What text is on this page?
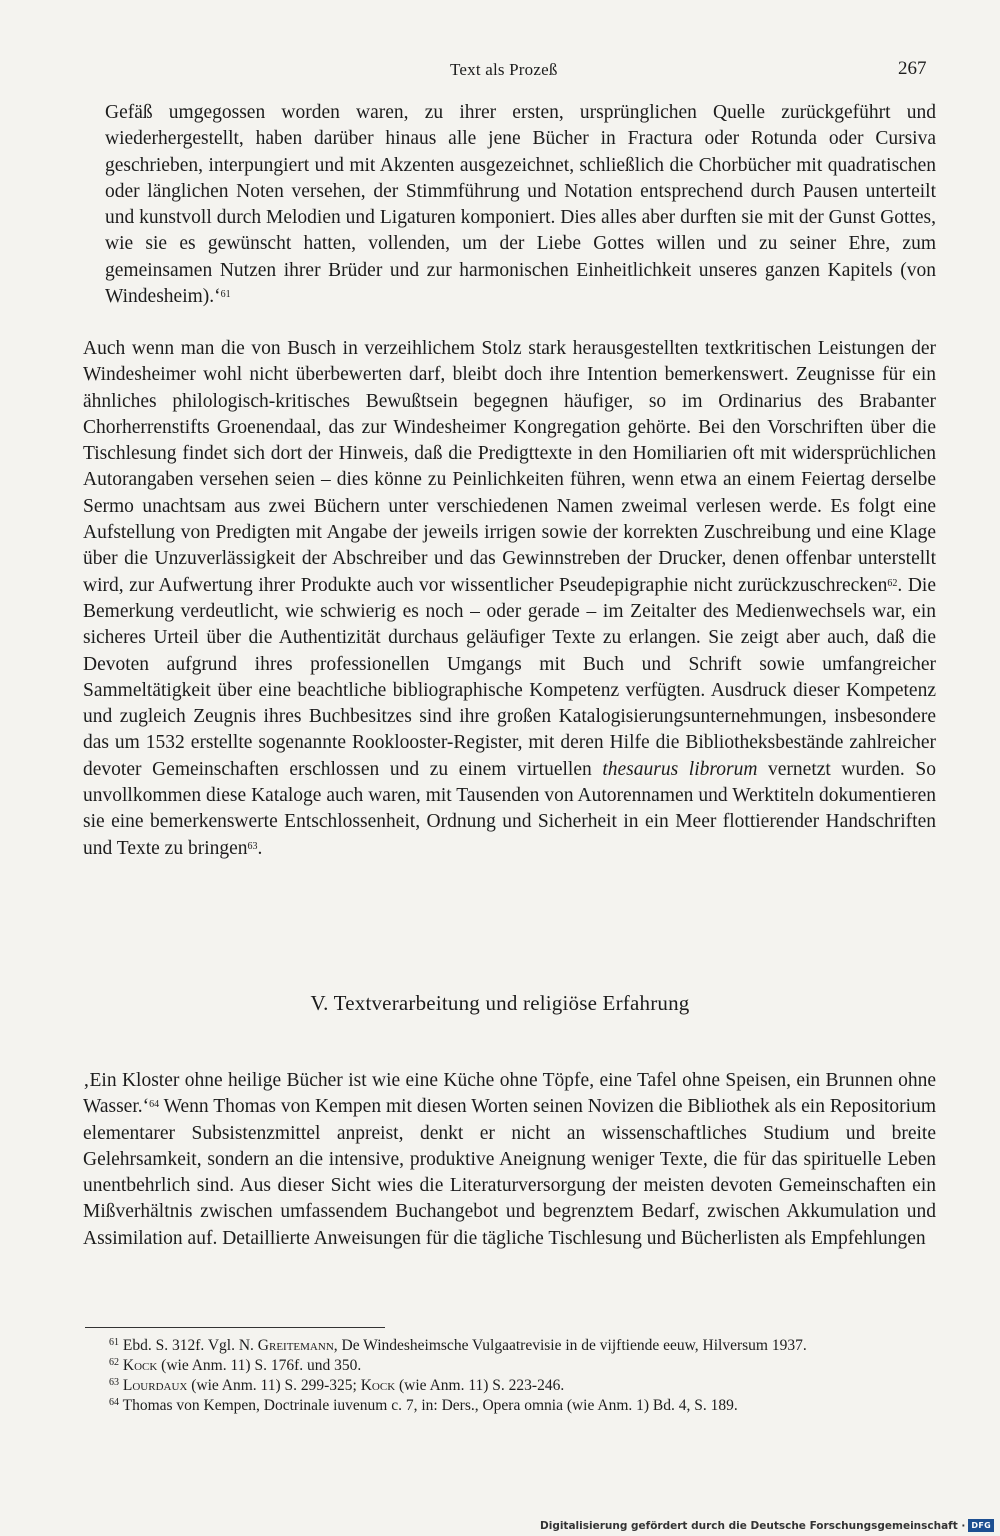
Text als Prozeß	267
Gefäß umgegossen worden waren, zu ihrer ersten, ursprünglichen Quelle zurückgeführt und wiederhergestellt, haben darüber hinaus alle jene Bücher in Fractura oder Rotunda oder Cursiva geschrieben, interpungiert und mit Akzenten ausgezeichnet, schließlich die Chorbücher mit quadratischen oder länglichen Noten versehen, der Stimmführung und Notation entsprechend durch Pausen unterteilt und kunstvoll durch Melodien und Ligaturen komponiert. Dies alles aber durften sie mit der Gunst Gottes, wie sie es gewünscht hatten, vollenden, um der Liebe Gottes willen und zu seiner Ehre, zum gemeinsamen Nutzen ihrer Brüder und zur harmonischen Einheitlichkeit unseres ganzen Kapitels (von Windesheim).‘$^{61}$
Auch wenn man die von Busch in verzeihlichem Stolz stark herausgestellten textkritischen Leistungen der Windesheimer wohl nicht überbewerten darf, bleibt doch ihre Intention bemerkenswert. Zeugnisse für ein ähnliches philologisch-kritisches Bewußtsein begegnen häufiger, so im Ordinarius des Brabanter Chorherrenstifts Groenendaal, das zur Windesheimer Kongregation gehörte. Bei den Vorschriften über die Tischlesung findet sich dort der Hinweis, daß die Predigttexte in den Homiliarien oft mit widersprüchlichen Autorangaben versehen seien – dies könne zu Peinlichkeiten führen, wenn etwa an einem Feiertag derselbe Sermo unachtsam aus zwei Büchern unter verschiedenen Namen zweimal verlesen werde. Es folgt eine Aufstellung von Predigten mit Angabe der jeweils irrigen sowie der korrekten Zuschreibung und eine Klage über die Unzuverlässigkeit der Abschreiber und das Gewinnstreben der Drucker, denen offenbar unterstellt wird, zur Aufwertung ihrer Produkte auch vor wissentlicher Pseudepigraphie nicht zurückzuschrecken$^{62}$. Die Bemerkung verdeutlicht, wie schwierig es noch – oder gerade – im Zeitalter des Medienwechsels war, ein sicheres Urteil über die Authentizität durchaus geläufiger Texte zu erlangen. Sie zeigt aber auch, daß die Devoten aufgrund ihres professionellen Umgangs mit Buch und Schrift sowie umfangreicher Sammeltätigkeit über eine beachtliche bibliographische Kompetenz verfügten. Ausdruck dieser Kompetenz und zugleich Zeugnis ihres Buchbesitzes sind ihre großen Katalogisierungsunternehmungen, insbesondere das um 1532 erstellte sogenannte Rooklooster-Register, mit deren Hilfe die Bibliotheksbestände zahlreicher devoter Gemeinschaften erschlossen und zu einem virtuellen thesaurus librorum vernetzt wurden. So unvollkommen diese Kataloge auch waren, mit Tausenden von Autorennamen und Werktiteln dokumentieren sie eine bemerkenswerte Entschlossenheit, Ordnung und Sicherheit in ein Meer flottierender Handschriften und Texte zu bringen$^{63}$.
V. Textverarbeitung und religiöse Erfahrung
‚Ein Kloster ohne heilige Bücher ist wie eine Küche ohne Töpfe, eine Tafel ohne Speisen, ein Brunnen ohne Wasser.‘$^{64}$ Wenn Thomas von Kempen mit diesen Worten seinen Novizen die Bibliothek als ein Repositorium elementarer Subsistenzmittel anpreist, denkt er nicht an wissenschaftliches Studium und breite Gelehrsamkeit, sondern an die intensive, produktive Aneignung weniger Texte, die für das spirituelle Leben unentbehrlich sind. Aus dieser Sicht wies die Literaturversorgung der meisten devoten Gemeinschaften ein Mißverhältnis zwischen umfassendem Buchangebot und begrenztem Bedarf, zwischen Akkumulation und Assimilation auf. Detaillierte Anweisungen für die tägliche Tischlesung und Bücherlisten als Empfehlungen
$^{61}$ Ebd. S. 312f. Vgl. N. Greitemann, De Windesheimsche Vulgaatrevisie in de vijftiende eeuw, Hilversum 1937.
$^{62}$ Kock (wie Anm. 11) S. 176f. und 350.
$^{63}$ Lourdaux (wie Anm. 11) S. 299-325; Kock (wie Anm. 11) S. 223-246.
$^{64}$ Thomas von Kempen, Doctrinale iuvenum c. 7, in: Ders., Opera omnia (wie Anm. 1) Bd. 4, S. 189.
Digitalisierung gefördert durch die Deutsche Forschungsgemeinschaft · DFG
